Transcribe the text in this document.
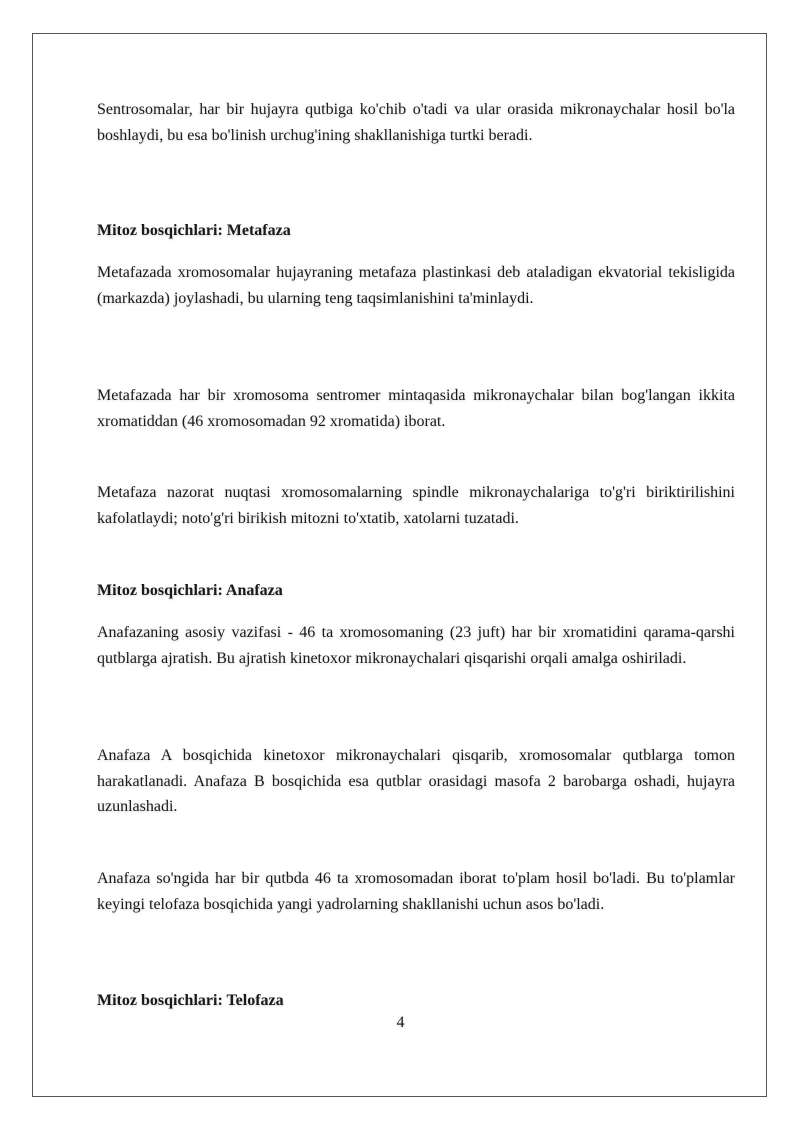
Sentrosomalar, har bir hujayra qutbiga ko'chib o'tadi va ular orasida mikronaychalar hosil bo'la boshlaydi, bu esa bo'linish urchug'ining shakllanishiga turtki beradi.

Mitoz bosqichlari: Metafaza

Metafazada xromosomalar hujayraning metafaza plastinkasi deb ataladigan ekvatorial tekisligida (markazda) joylashadi, bu ularning teng taqsimlanishini ta'minlaydi.

Metafazada har bir xromosoma sentromer mintaqasida mikronaychalar bilan bog'langan ikkita xromatiddan (46 xromosomadan 92 xromatida) iborat.

Metafaza nazorat nuqtasi xromosomalarning spindle mikronaychalariga to'g'ri biriktirilishini kafolatlaydi; noto'g'ri birikish mitozni to'xtatib, xatolarni tuzatadi.

Mitoz bosqichlari: Anafaza

Anafazaning asosiy vazifasi - 46 ta xromosomaning (23 juft) har bir xromatidini qarama-qarshi qutblarga ajratish. Bu ajratish kinetoxor mikronaychalari qisqarishi orqali amalga oshiriladi.

Anafaza A bosqichida kinetoxor mikronaychalari qisqarib, xromosomalar qutblarga tomon harakatlanadi. Anafaza B bosqichida esa qutblar orasidagi masofa 2 barobarga oshadi, hujayra uzunlashadi.

Anafaza so'ngida har bir qutbda 46 ta xromosomadan iborat to'plam hosil bo'ladi. Bu to'plamlar keyingi telofaza bosqichida yangi yadrolarning shakllanishi uchun asos bo'ladi.

Mitoz bosqichlari: Telofaza
4
